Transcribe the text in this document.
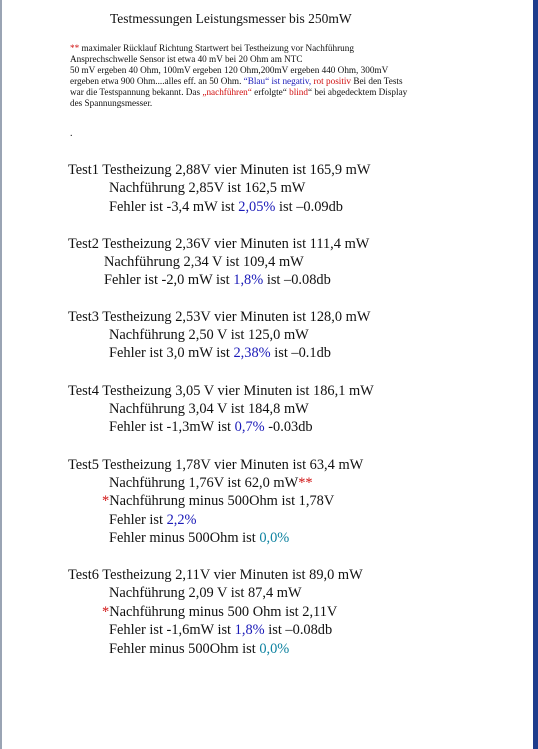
Testmessungen Leistungsmesser bis 250mW

** maximaler Rücklauf Richtung Startwert bei Testheizung vor Nachführung

Ansprechschwelle Sensor ist etwa 40 mV bei 20 Ohm am NTC

50 mV ergeben 40 Ohm, 100mV ergeben 120 Ohm,200mV ergeben 440 Ohm, 300mV

ergeben etwa 900 Ohm....alles eff. an 50 Ohm. “Blau“ ist negativ, rot positiv Bei den Tests

war die Testspannung bekannt. Das „nachführen“ erfolgte“ blind“ bei abgedecktem Display

des Spannungsmesser.

.
Test1 Testheizung 2,88V vier Minuten ist 165,9 mW
Nachführung 2,85V ist 162,5 mW
Fehler ist -3,4 mW ist 2,05% ist –0.09db
Test2 Testheizung 2,36V vier Minuten ist 111,4 mW
Nachführung 2,34 V ist 109,4 mW
Fehler ist -2,0 mW ist 1,8% ist –0.08db
Test3 Testheizung 2,53V vier Minuten ist 128,0 mW
Nachführung 2,50 V ist 125,0 mW
Fehler ist 3,0 mW ist 2,38% ist –0.1db
Test4 Testheizung 3,05 V vier Minuten ist 186,1 mW
Nachführung 3,04 V ist 184,8 mW
Fehler ist -1,3mW ist 0,7% -0.03db
Test5 Testheizung 1,78V vier Minuten ist 63,4 mW
Nachführung 1,76V ist 62,0 mW**
*Nachführung minus 500Ohm ist 1,78V
Fehler ist 2,2%
Fehler minus 500Ohm ist 0,0%
Test6 Testheizung 2,11V vier Minuten ist 89,0 mW
Nachführung 2,09 V ist 87,4 mW
*Nachführung minus 500 Ohm ist 2,11V
Fehler ist -1,6mW ist 1,8% ist –0.08db
Fehler minus 500Ohm ist 0,0%
